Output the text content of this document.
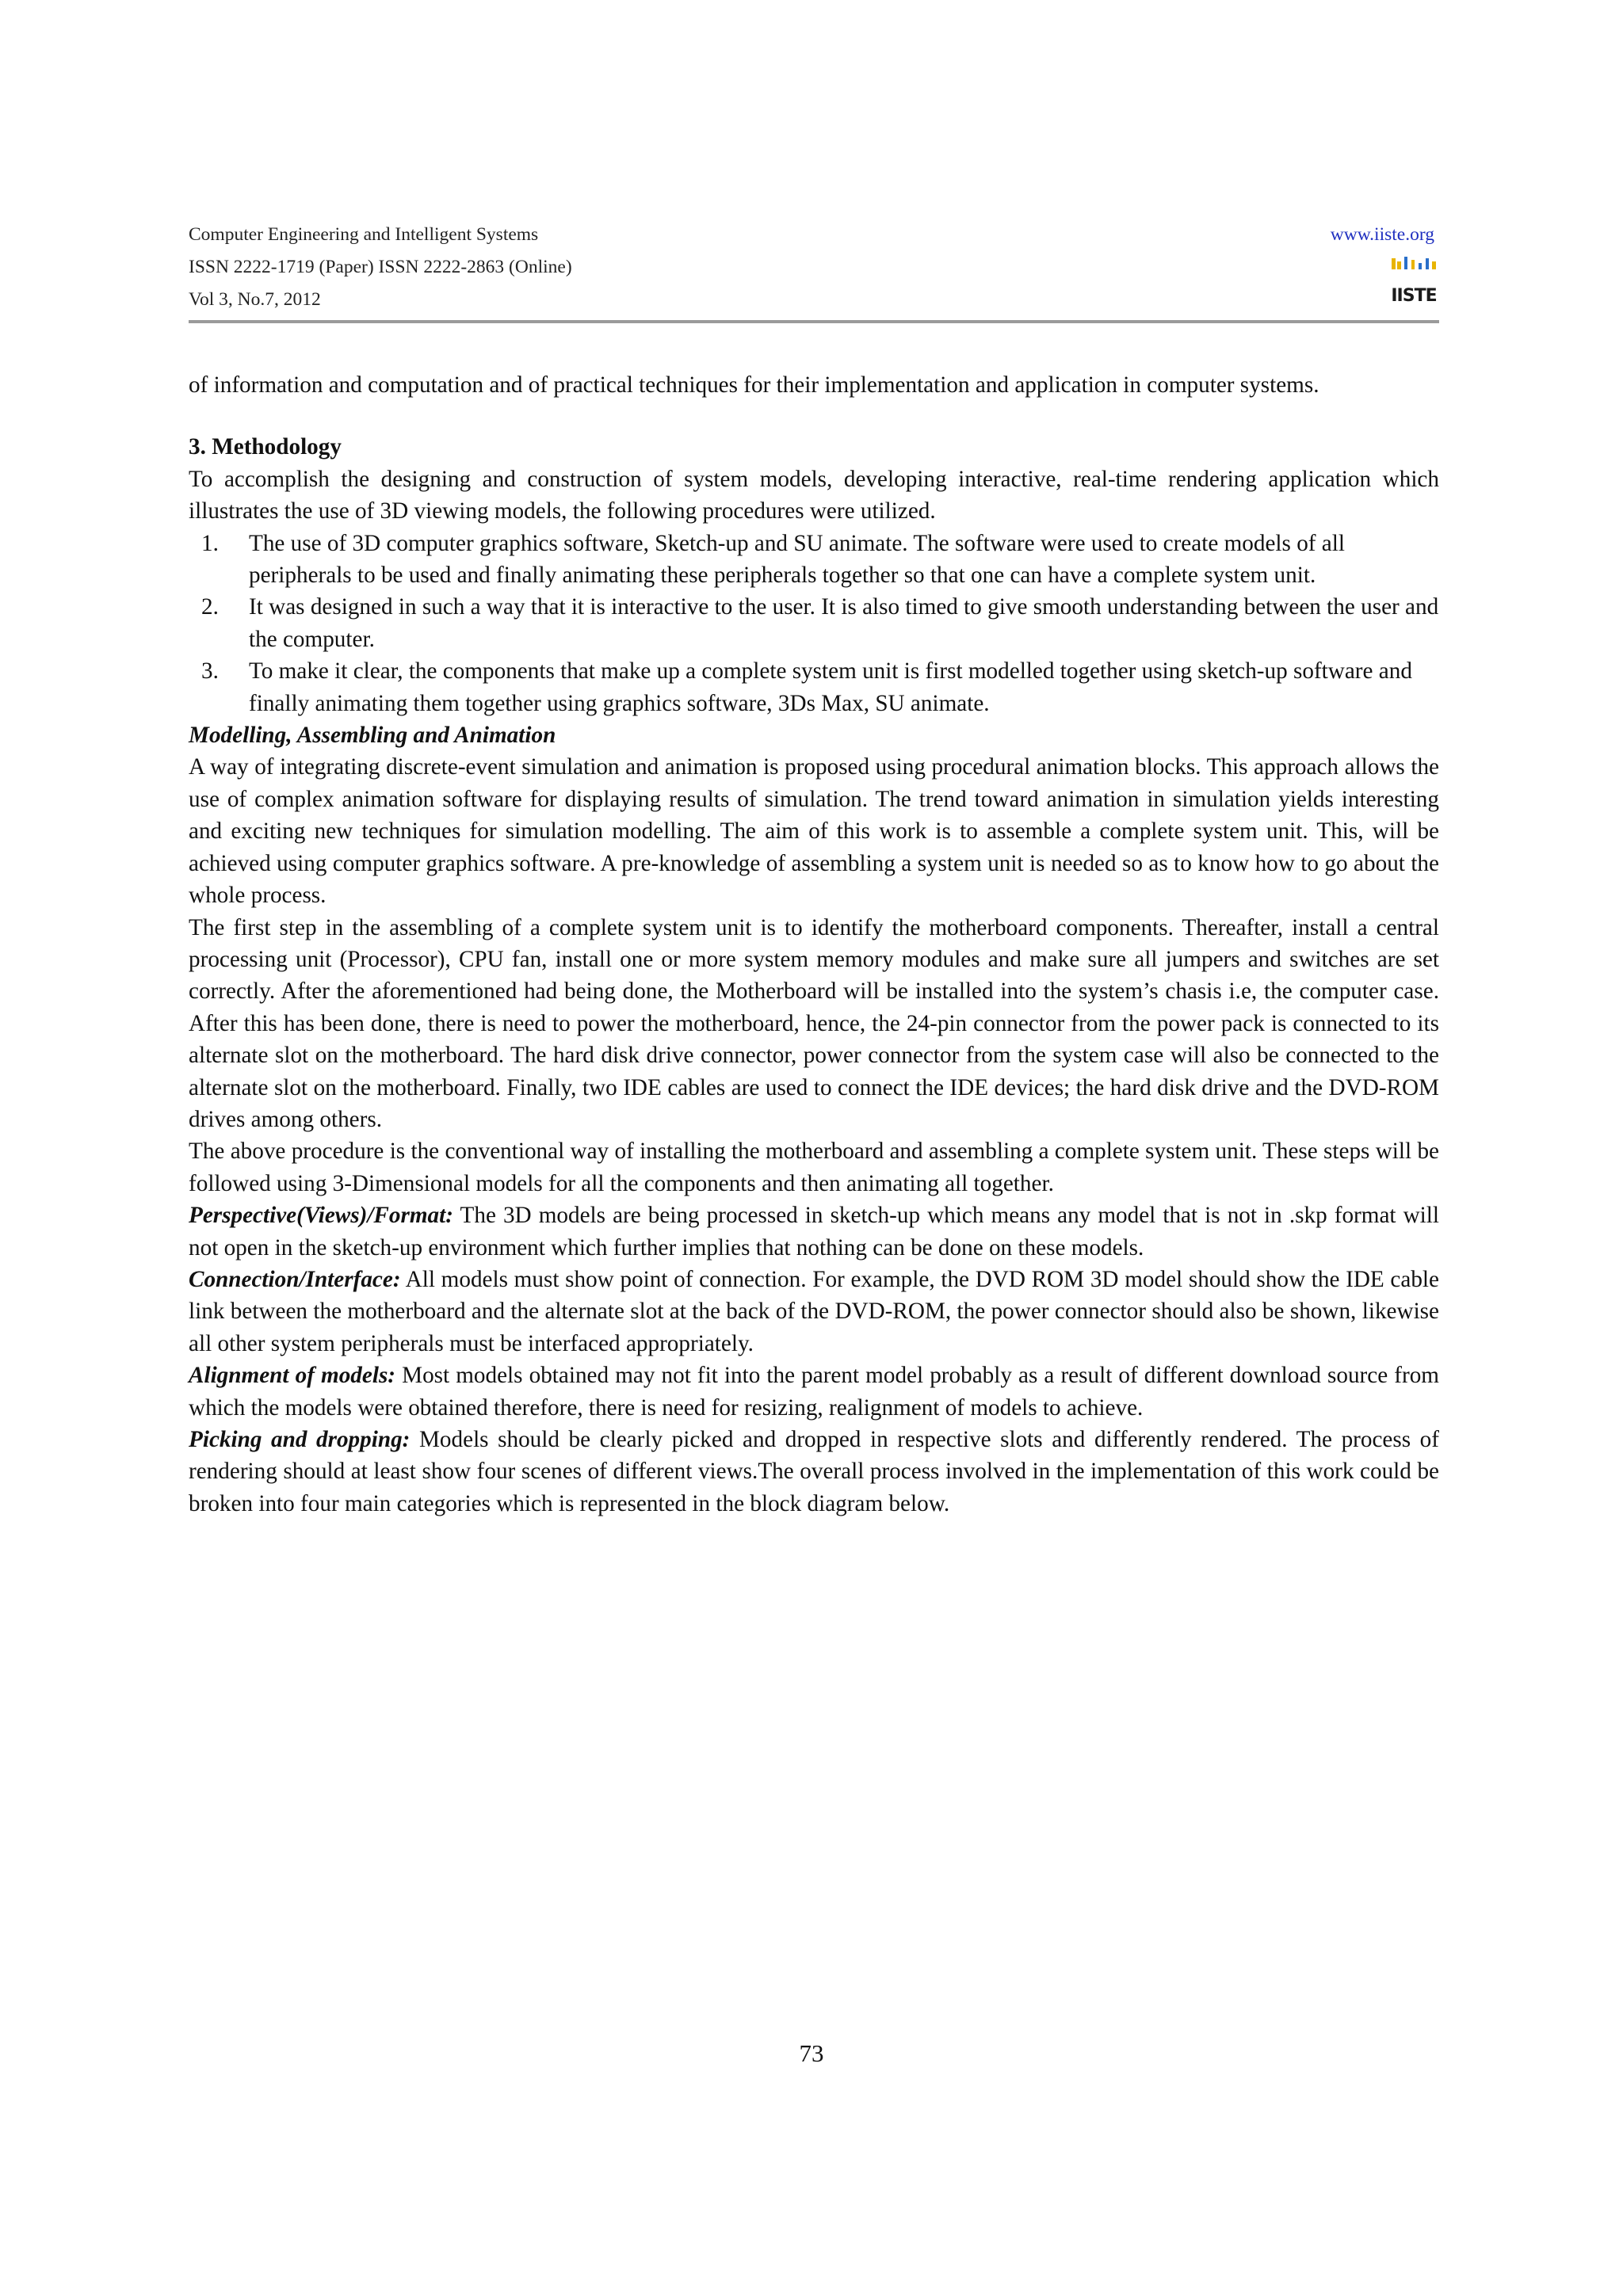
Computer Engineering and Intelligent Systems
ISSN 2222-1719 (Paper) ISSN 2222-2863 (Online)
Vol 3, No.7, 2012
www.iiste.org
IISTE

of information and computation and of practical techniques for their implementation and application in computer systems.

3. Methodology

To accomplish the designing and construction of system models, developing interactive, real-time rendering application which illustrates the use of 3D viewing models, the following procedures were utilized.

1. The use of 3D computer graphics software, Sketch-up and SU animate. The software were used to create models of all peripherals to be used and finally animating these peripherals together so that one can have a complete system unit.
2. It was designed in such a way that it is interactive to the user. It is also timed to give smooth understanding between the user and the computer.
3. To make it clear, the components that make up a complete system unit is first modelled together using sketch-up software and finally animating them together using graphics software, 3Ds Max, SU animate.

Modelling, Assembling and Animation

A way of integrating discrete-event simulation and animation is proposed using procedural animation blocks. This approach allows the use of complex animation software for displaying results of simulation. The trend toward animation in simulation yields interesting and exciting new techniques for simulation modelling. The aim of this work is to assemble a complete system unit. This, will be achieved using computer graphics software. A pre-knowledge of assembling a system unit is needed so as to know how to go about the whole process.

The first step in the assembling of a complete system unit is to identify the motherboard components. Thereafter, install a central processing unit (Processor), CPU fan, install one or more system memory modules and make sure all jumpers and switches are set correctly. After the aforementioned had being done, the Motherboard will be installed into the system’s chasis i.e, the computer case. After this has been done, there is need to power the motherboard, hence, the 24-pin connector from the power pack is connected to its alternate slot on the motherboard. The hard disk drive connector, power connector from the system case will also be connected to the alternate slot on the motherboard. Finally, two IDE cables are used to connect the IDE devices; the hard disk drive and the DVD-ROM drives among others.

The above procedure is the conventional way of installing the motherboard and assembling a complete system unit. These steps will be followed using 3-Dimensional models for all the components and then animating all together.

Perspective(Views)/Format: The 3D models are being processed in sketch-up which means any model that is not in .skp format will not open in the sketch-up environment which further implies that nothing can be done on these models.

Connection/Interface: All models must show point of connection. For example, the DVD ROM 3D model should show the IDE cable link between the motherboard and the alternate slot at the back of the DVD-ROM, the power connector should also be shown, likewise all other system peripherals must be interfaced appropriately.

Alignment of models: Most models obtained may not fit into the parent model probably as a result of different download source from which the models were obtained therefore, there is need for resizing, realignment of models to achieve.

Picking and dropping: Models should be clearly picked and dropped in respective slots and differently rendered. The process of rendering should at least show four scenes of different views.The overall process involved in the implementation of this work could be broken into four main categories which is represented in the block diagram below.

73
